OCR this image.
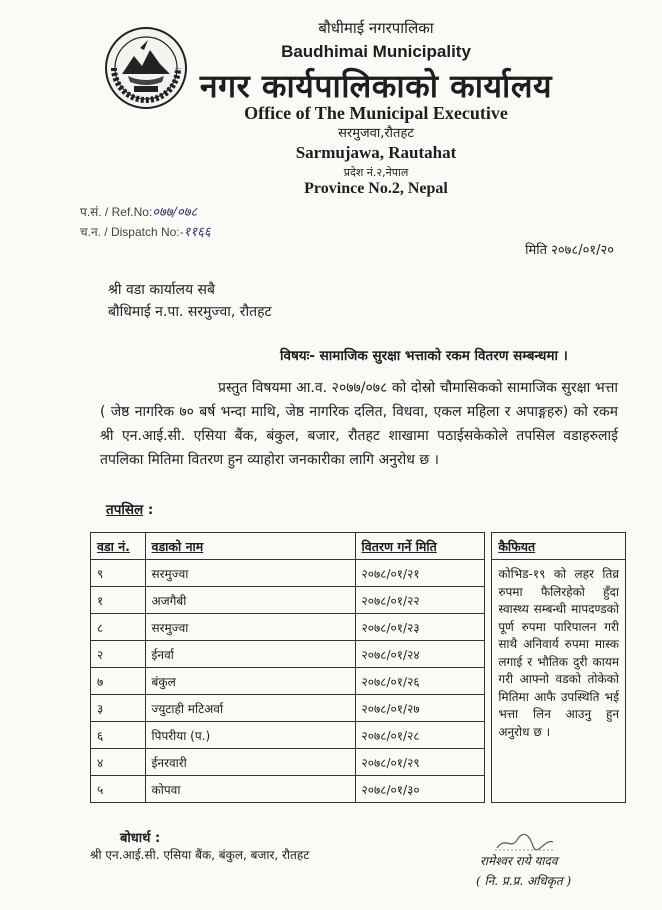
बौधीमाई नगरपालिका
Baudhimai Municipality
नगर कार्यपालिकाको कार्यालय
Office of The Municipal Executive
सरमुजवा,रौतहट
Sarmujawa, Rautahat
प्रदेश नं.२,नेपाल
Province No.2, Nepal
प.सं. / Ref.No:०७७/०७८
च.न. / Dispatch No:-११६६
मिति २०७८/०१/२०
श्री वडा कार्यालय सबै
बौधिमाई न.पा. सरमुज्वा, रौतहट
विषयः- सामाजिक सुरक्षा भत्ताको रकम वितरण सम्बन्धमा ।
प्रस्तुत विषयमा आ.व. २०७७/०७८ को दोस्रो चौमासिकको सामाजिक सुरक्षा भत्ता ( जेष्ठ नागरिक ७० बर्ष भन्दा माथि, जेष्ठ नागरिक दलित, विधवा, एकल महिला र अपाङ्गहरु) को रकम श्री एन.आई.सी. एसिया बैंक, बंकुल, बजार, रौतहट शाखामा पठाईसकेकोले तपसिल वडाहरुलाई तपलिका मितिमा वितरण हुन व्याहोरा जनकारीका लागि अनुरोध छ ।
तपसिल :
वडा नं.	वडाको नाम	वितरण गर्ने मिति		कैफियत
९	सरमुज्वा	२०७८/०१/२१		कोभिड-१९ को लहर तिव्र रुपमा फैलिरहेको हुँदा स्वास्थ्य सम्बन्धी मापदण्डको पूर्ण रुपमा पारिपालन गरी साथै अनिवार्य रुपमा मास्क लगाई र भौतिक दुरी कायम गरी आफ्नो वडको तोकेको मितिमा आफै उपस्थिति भई भत्ता लिन आउनु हुन अनुरोध छ ।
१	अजगैबी	२०७८/०१/२२		
८	सरमुज्वा	२०७८/०१/२३		
२	ईनर्वा	२०७८/०१/२४		
७	बंकुल	२०७८/०१/२६		
३	ज्युटाही मटिअर्वा	२०७८/०१/२७		
६	पिपरीया (प.)	२०७८/०१/२८		
४	ईनरवारी	२०७८/०१/२९		
५	कोपवा	२०७८/०१/३०		
बोधार्थ :
श्री एन.आई.सी. एसिया बैंक, बंकुल, बजार, रौतहट	रामेश्वर राये यादव
( नि. प्र.प्र. अधिकृत )
